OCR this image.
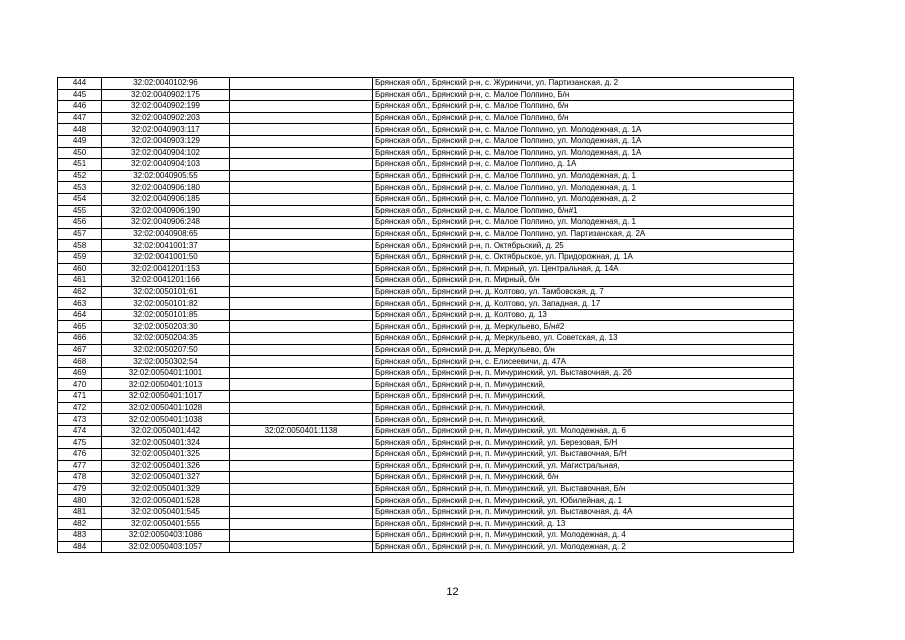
444	32:02:0040102:96		Брянская обл., Брянский р-н, с. Журиничи, ул. Партизанская, д. 2
445	32:02:0040902:175		Брянская обл., Брянский р-н, с. Малое Полпино, Б/н
446	32:02:0040902:199		Брянская обл., Брянский р-н, с. Малое Полпино, б/н
447	32:02:0040902:203		Брянская обл., Брянский р-н, с. Малое Полпино, б/н
448	32:02:0040903:117		Брянская обл., Брянский р-н, с. Малое Полпино, ул. Молодежная, д. 1А
449	32:02:0040903:129		Брянская обл., Брянский р-н, с. Малое Полпино, ул. Молодежная, д. 1А
450	32:02:0040904:102		Брянская обл., Брянский р-н, с. Малое Полпино, ул. Молодежная, д. 1А
451	32:02:0040904:103		Брянская обл., Брянский р-н, с. Малое Полпино, д. 1А
452	32:02:0040905:55		Брянская обл., Брянский р-н, с. Малое Полпино, ул. Молодежная, д. 1
453	32:02:0040906:180		Брянская обл., Брянский р-н, с. Малое Полпино, ул. Молодежная, д. 1
454	32:02:0040906:185		Брянская обл., Брянский р-н, с. Малое Полпино, ул. Молодежная, д. 2
455	32:02:0040906:190		Брянская обл., Брянский р-н, с. Малое Полпино, б/н#1
456	32:02:0040906:248		Брянская обл., Брянский р-н, с. Малое Полпино, ул. Молодежная, д. 1
457	32:02:0040908:65		Брянская обл., Брянский р-н, с. Малое Полпино, ул. Партизанская, д. 2А
458	32:02:0041001:37		Брянская обл., Брянский р-н, п. Октябрьский, д. 25
459	32:02:0041001:50		Брянская обл., Брянский р-н, с. Октябрьское, ул. Придорожная, д. 1А
460	32:02:0041201:153		Брянская обл., Брянский р-н, п. Мирный, ул. Центральная, д. 14А
461	32:02:0041201:166		Брянская обл., Брянский р-н, п. Мирный, б/н
462	32:02:0050101:61		Брянская обл., Брянский р-н, д. Колтово, ул. Тамбовская, д. 7
463	32:02:0050101:82		Брянская обл., Брянский р-н, д. Колтово, ул. Западная, д. 17
464	32:02:0050101:85		Брянская обл., Брянский р-н, д. Колтово, д. 13
465	32:02:0050203:30		Брянская обл., Брянский р-н, д. Меркульево, Б/н#2
466	32:02:0050204:35		Брянская обл., Брянский р-н, д. Меркульево, ул. Советская, д. 13
467	32:02:0050207:50		Брянская обл., Брянский р-н, д. Меркульево, б/н
468	32:02:0050302:54		Брянская обл., Брянский р-н, с. Елисеевичи, д. 47А
469	32:02:0050401:1001		Брянская обл., Брянский р-н, п. Мичуринский, ул. Выставочная, д. 2б
470	32:02:0050401:1013		Брянская обл., Брянский р-н, п. Мичуринский,
471	32:02:0050401:1017		Брянская обл., Брянский р-н, п. Мичуринский,
472	32:02:0050401:1028		Брянская обл., Брянский р-н, п. Мичуринский,
473	32:02:0050401:1038		Брянская обл., Брянский р-н, п. Мичуринский,
474	32:02:0050401:442	32:02:0050401:1138	Брянская обл., Брянский р-н, п. Мичуринский, ул. Молодежная, д. 6
475	32:02:0050401:324		Брянская обл., Брянский р-н, п. Мичуринский, ул. Березовая, Б/Н
476	32:02:0050401:325		Брянская обл., Брянский р-н, п. Мичуринский, ул. Выставочная, Б/Н
477	32:02:0050401:326		Брянская обл., Брянский р-н, п. Мичуринский, ул. Магистральная,
478	32:02:0050401:327		Брянская обл., Брянский р-н, п. Мичуринский, б/н
479	32:02:0050401:329		Брянская обл., Брянский р-н, п. Мичуринский, ул. Выставочная, Б/н
480	32:02:0050401:528		Брянская обл., Брянский р-н, п. Мичуринский, ул. Юбилейная, д. 1
481	32:02:0050401:545		Брянская обл., Брянский р-н, п. Мичуринский, ул. Выставочная, д. 4А
482	32:02:0050401:555		Брянская обл., Брянский р-н, п. Мичуринский, д. 13
483	32:02:0050403:1086		Брянская обл., Брянский р-н, п. Мичуринский, ул. Молодежная, д. 4
484	32:02:0050403:1057		Брянская обл., Брянский р-н, п. Мичуринский, ул. Молодежная, д. 2
12
